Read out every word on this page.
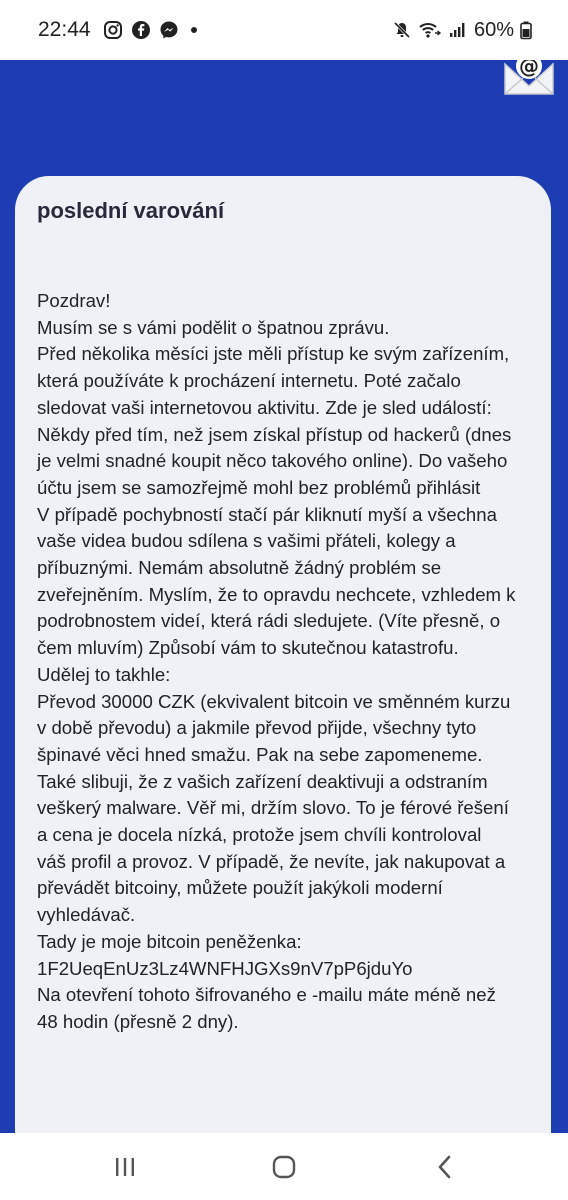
22:44	60%
@
poslední varování
Pozdrav!
Musím se s vámi podělit o špatnou zprávu.
Před několika měsíci jste měli přístup ke svým zařízením,
která používáte k procházení internetu. Poté začalo
sledovat vaši internetovou aktivitu. Zde je sled událostí:
Někdy před tím, než jsem získal přístup od hackerů (dnes
je velmi snadné koupit něco takového online). Do vašeho
účtu jsem se samozřejmě mohl bez problémů přihlásit
V případě pochybností stačí pár kliknutí myší a všechna
vaše videa budou sdílena s vašimi přáteli, kolegy a
příbuznými. Nemám absolutně žádný problém se
zveřejněním. Myslím, že to opravdu nechcete, vzhledem k
podrobnostem videí, která rádi sledujete. (Víte přesně, o
čem mluvím) Způsobí vám to skutečnou katastrofu.
Udělej to takhle:
Převod 30000 CZK (ekvivalent bitcoin ve směnném kurzu
v době převodu) a jakmile převod přijde, všechny tyto
špinavé věci hned smažu. Pak na sebe zapomeneme.
Také slibuji, že z vašich zařízení deaktivuji a odstraním
veškerý malware. Věř mi, držím slovo. To je férové řešení
a cena je docela nízká, protože jsem chvíli kontroloval
váš profil a provoz. V případě, že nevíte, jak nakupovat a
převádět bitcoiny, můžete použít jakýkoli moderní
vyhledávač.
Tady je moje bitcoin peněženka:
1F2UeqEnUz3Lz4WNFHJGXs9nV7pP6jduYo
Na otevření tohoto šifrovaného e -mailu máte méně než
48 hodin (přesně 2 dny).
